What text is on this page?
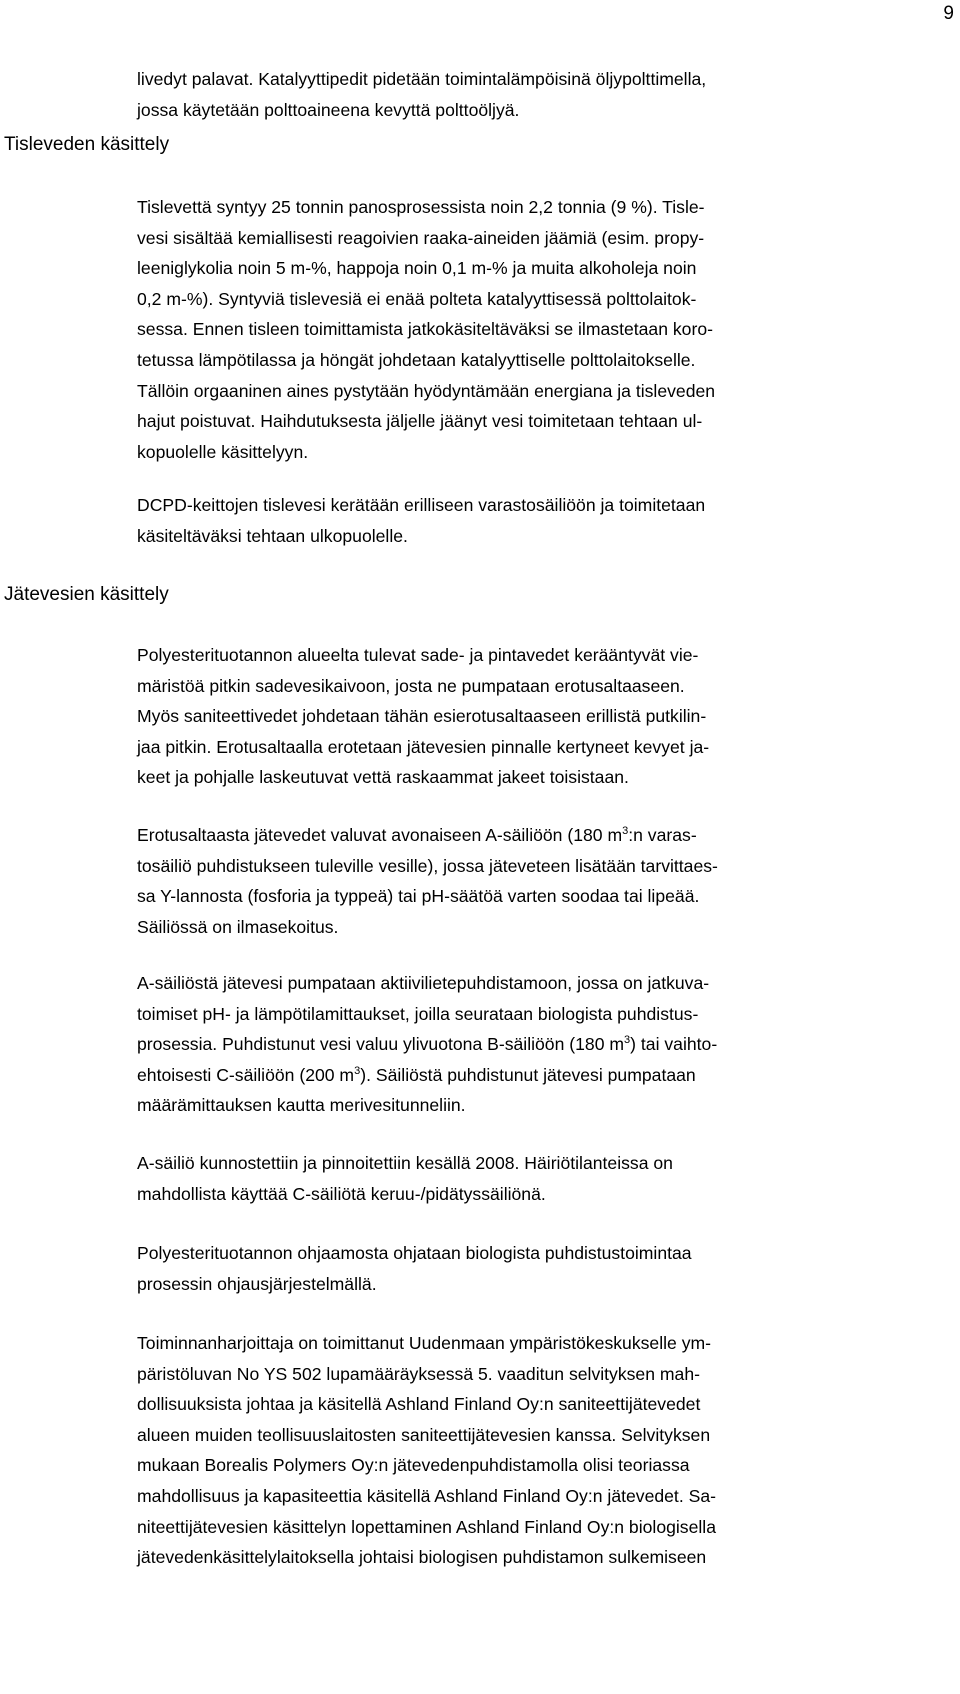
9
livedyt palavat. Katalyyttipedit pidetään toimintalämpöisinä öljypolttimella,
jossa käytetään polttoaineena kevyttä polttoöljyä.
Tisleveden käsittely
Tislevettä syntyy 25 tonnin panosprosessista noin 2,2 tonnia (9 %). Tisle-
vesi sisältää kemiallisesti reagoivien raaka-aineiden jäämiä (esim. propy-
leeniglykolia noin 5 m-%, happoja noin 0,1 m-% ja muita alkoholeja noin
0,2 m-%). Syntyviä tislevesiä ei enää polteta katalyyttisessä polttolaitok-
sessa. Ennen tisleen toimittamista jatkokäsiteltäväksi se ilmastetaan koro-
tetussa lämpötilassa ja höngät johdetaan katalyyttiselle polttolaitokselle.
Tällöin orgaaninen aines pystytään hyödyntämään energiana ja tisleveden
hajut poistuvat. Haihdutuksesta jäljelle jäänyt vesi toimitetaan tehtaan ul-
kopuolelle käsittelyyn.
DCPD-keittojen tislevesi kerätään erilliseen varastosäiliöön ja toimitetaan
käsiteltäväksi tehtaan ulkopuolelle.
Jätevesien käsittely
Polyesterituotannon alueelta tulevat sade- ja pintavedet kerääntyvät vie-
märistöä pitkin sadevesikaivoon, josta ne pumpataan erotusaltaaseen.
Myös saniteettivedet johdetaan tähän esierotusaltaaseen erillistä putkilin-
jaa pitkin. Erotusaltaalla erotetaan jätevesien pinnalle kertyneet kevyet ja-
keet ja pohjalle laskeutuvat vettä raskaammat jakeet toisistaan.
Erotusaltaasta jätevedet valuvat avonaiseen A-säiliöön (180 $m^3:n$ varas-
tosäiliö puhdistukseen tuleville vesille), jossa jäteveteen lisätään tarvittaes-
sa Y-lannosta (fosforia ja typpeä) tai pH-säätöä varten soodaa tai lipeää.
Säiliössä on ilmasekoitus.
A-säiliöstä jätevesi pumpataan aktiivilietepuhdistamoon, jossa on jatkuva-
toimiset pH- ja lämpötilamittaukset, joilla seurataan biologista puhdistus-
prosessia. Puhdistunut vesi valuu ylivuotona B-säiliöön (180 $m^3$) tai vaihto-
ehtoisesti C-säiliöön (200 $m^3$). Säiliöstä puhdistunut jätevesi pumpataan
määrämittauksen kautta merivesitunneliin.
A-säiliö kunnostettiin ja pinnoitettiin kesällä 2008. Häiriötilanteissa on
mahdollista käyttää C-säiliötä keruu-/pidätyssäiliönä.
Polyesterituotannon ohjaamosta ohjataan biologista puhdistustoimintaa
prosessin ohjausjärjestelmällä.
Toiminnanharjoittaja on toimittanut Uudenmaan ympäristökeskukselle ym-
päristöluvan No YS 502 lupamääräyksessä 5. vaaditun selvityksen mah-
dollisuuksista johtaa ja käsitellä Ashland Finland Oy:n saniteettijätevedet
alueen muiden teollisuuslaitosten saniteettijätevesien kanssa. Selvityksen
mukaan Borealis Polymers Oy:n jätevedenpuhdistamolla olisi teoriassa
mahdollisuus ja kapasiteettia käsitellä Ashland Finland Oy:n jätevedet. Sa-
niteettijätevesien käsittelyn lopettaminen Ashland Finland Oy:n biologisella
jätevedenkäsittelylaitoksella johtaisi biologisen puhdistamon sulkemiseen
